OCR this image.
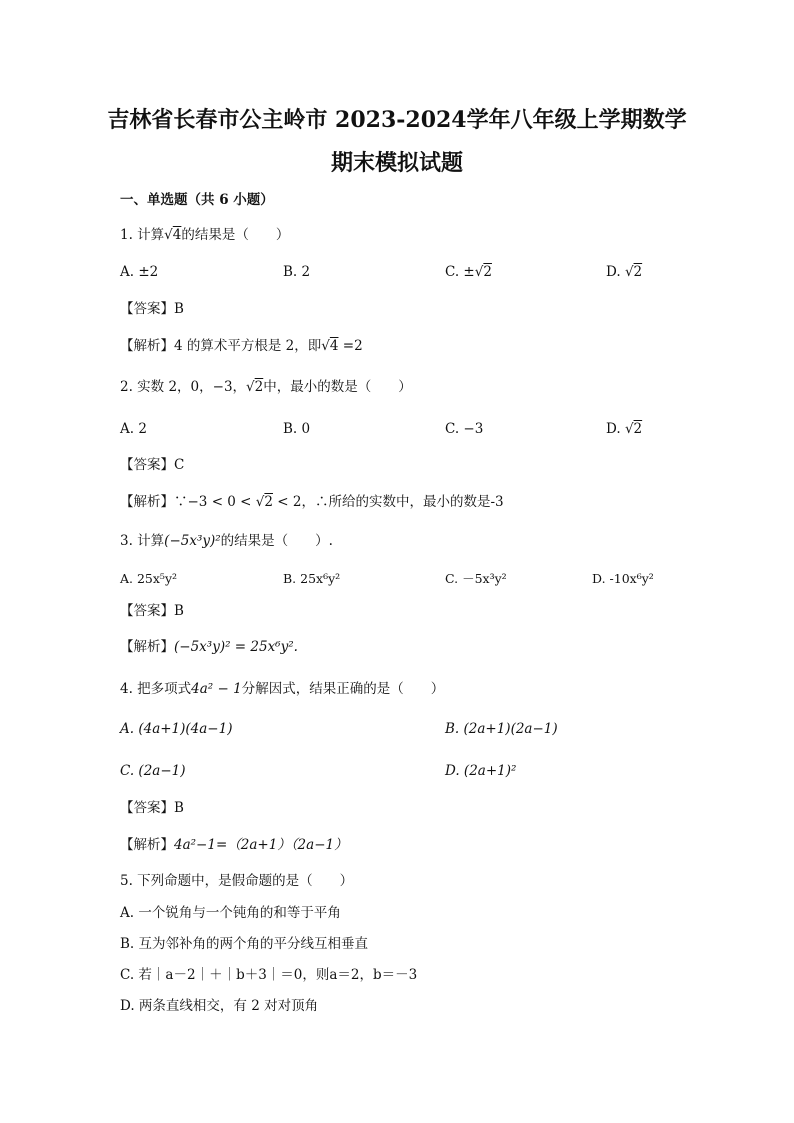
吉林省长春市公主岭市 2023-2024学年八年级上学期数学
期末模拟试题
一、单选题（共 6 小题）
1. 计算√4的结果是（　　）
A. ±2	B. 2	C. ±√2	D. √2
【答案】B
【解析】4 的算术平方根是 2，即√4 =2
2. 实数 2，0，−3，√2中，最小的数是（　　）
A. 2	B. 0	C. −3	D. √2
【答案】C
【解析】∵−3 < 0 < √2 < 2，∴所给的实数中，最小的数是-3
3. 计算(−5x³y)²的结果是（　　）.
A. 25x⁵y²	B. 25x⁶y²	C. －5x³y²	D. -10x⁶y²
【答案】B
【解析】(−5x³y)² = 25x⁶y².
4. 把多项式4a² − 1分解因式，结果正确的是（　　）
A. (4a+1)(4a−1)	B. (2a+1)(2a−1)
C. (2a−1)	D. (2a+1)²
【答案】B
【解析】4a²−1=（2a+1）（2a−1）
5. 下列命题中，是假命题的是（　　）
A. 一个锐角与一个钝角的和等于平角
B. 互为邻补角的两个角的平分线互相垂直
C. 若｜a－2｜＋｜b＋3｜＝0，则a＝2，b＝－3
D. 两条直线相交，有 2 对对顶角
